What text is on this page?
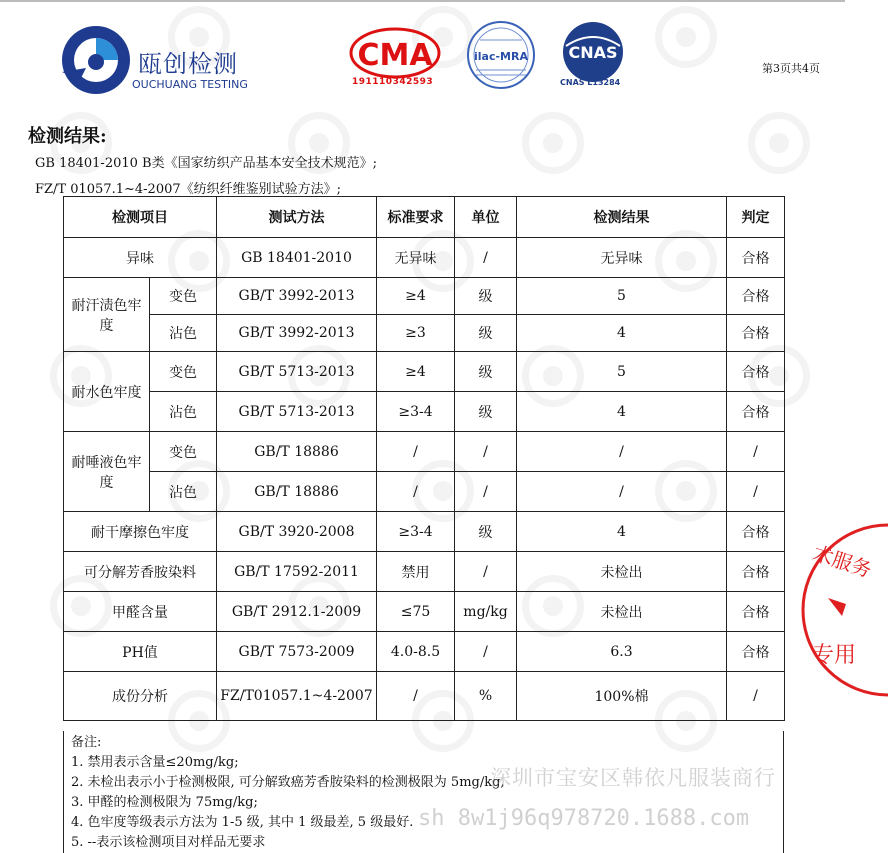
瓯创检测
OUCHUANG TESTING
CMA
191110342593
ilac-MRA	CNAS
CNAS L13284
第3页共4页
检测结果:
GB 18401-2010 B类《国家纺织产品基本安全技术规范》;
FZ/T 01057.1~4-2007《纺织纤维鉴别试验方法》;
检测项目		测试方法	标准要求	单位	检测结果	判定
异味		GB 18401-2010	无异味	/	无异味	合格
耐汗渍色牢度	变色	GB/T 3992-2013	≥4	级	5	合格
	沾色	GB/T 3992-2013	≥3	级	4	合格
耐水色牢度	变色	GB/T 5713-2013	≥4	级	5	合格
	沾色	GB/T 5713-2013	≥3-4	级	4	合格
耐唾液色牢度	变色	GB/T 18886	/	/	/	/
	沾色	GB/T 18886	/	/	/	/
耐干摩擦色牢度		GB/T 3920-2008	≥3-4	级	4	合格
可分解芳香胺染料		GB/T 17592-2011	禁用	/	未检出	合格
甲醛含量		GB/T 2912.1-2009	≤75	mg/kg	未检出	合格
PH值		GB/T 7573-2009	4.0-8.5	/	6.3	合格
成份分析		FZ/T01057.1~4-2007	/	%	100%棉	/
备注:
1. 禁用表示含量≤20mg/kg;
2. 未检出表示小于检测极限, 可分解致癌芳香胺染料的检测极限为 5mg/kg,
3. 甲醛的检测极限为 75mg/kg;
4. 色牢度等级表示方法为 1-5 级, 其中 1 级最差, 5 级最好.
5. --表示该检测项目对样品无要求
术服务
专用
深圳市宝安区韩依凡服装商行
sh 8w1j96q978720.1688.com
